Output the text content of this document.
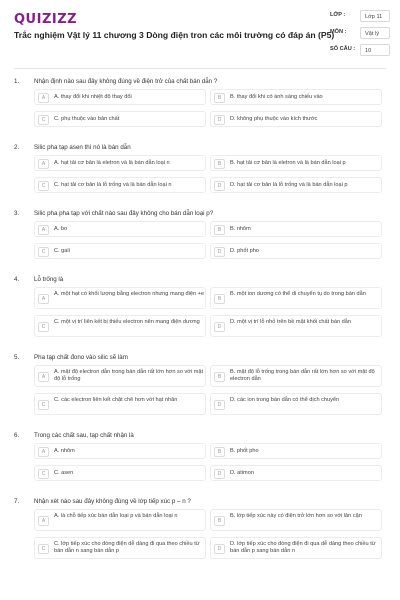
QUIZIZZ
Trắc nghiệm Vật lý 11 chương 3 Dòng điện tron các môi trường có đáp án (P5)
LỚP :	Lớp 11
MÔN :	Vật lý
SỐ CÂU :	10
1. Nhận định nào sau đây không đúng về điện trở của chất bán dẫn ?
A	A. thay đổi khi nhiệt độ thay đổi	B	B. thay đổi khi có ánh sáng chiếu vào
C	C. phụ thuộc vào bản chất	D	D. không phụ thuộc vào kích thước
2. Silic pha tạp asen thì nó là bán dẫn
A	A. hạt tải cơ bản là eletron và là bán dẫn loại n	B	B. hạt tải cơ bản là eletron và là bán dẫn loại p
C	C. hạt tải cơ bản là lỗ trống và là bán dẫn loại n	D	D. hạt tải cơ bản là lỗ trống và là bán dẫn loại p
3. Silic pha pha tạp với chất nào sau đây không cho bán dẫn loại p?
A	A. bo	B	B. nhôm
C	C. gali	D	D. phốt pho
4. Lỗ trống là
A
A. một hạt có khối lượng bằng electron nhưng mang điện +e
B
B. một ion dương có thể di chuyển tụ do trong bán dẫn
C
C. một vị trí liên kết bị thiếu electron nên mang điện dương
D
D. một vị trí lỗ nhỏ trên bề mặt khối chất bán dẫn
5. Pha tạp chất đono vào silic sẽ làm
A
A. mật độ electron dẫn trong bán dẫn rất lớn hơn so với mật độ lỗ trống	B
B. mật độ lỗ trống trong bán dẫn rất lớn hơn so với mật độ electron dẫn
C
C. các electron liên kết chặt chẽ hơn với hạt nhân
D
D. các ion trong bán dẫn có thể dịch chuyển
6. Trong các chất sau, tạp chất nhận là
A	A. nhôm	B	B. phốt pho
C	C. asen	D	D. atimon
7. Nhận xét nào sau đây không đúng về lớp tiếp xúc p – n ?
A
A. là chỗ tiếp xúc bán dẫn loại p và bán dẫn loại n
B
B. lớp tiếp xúc này có điện trở lớn hơn so với lân cận
C
C. lớp tiếp xúc cho dòng điện dễ dàng đi qua theo chiều từ bán dẫn n sang bán dẫn p	D
D. lớp tiếp xúc cho dòng điện đi qua dễ dàng theo chiều từ bán dẫn p sang bán dẫn n
